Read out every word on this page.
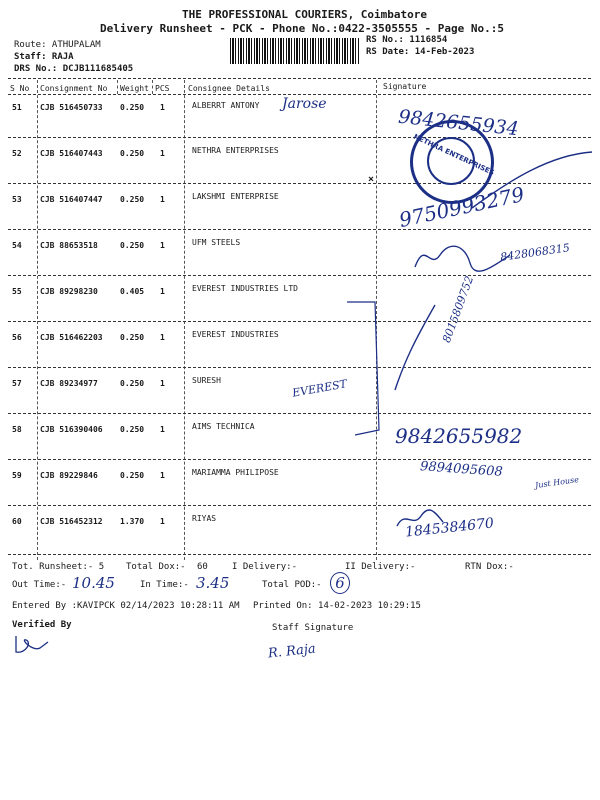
THE PROFESSIONAL COURIERS, Coimbatore
Delivery Runsheet - PCK - Phone No.:0422-3505555 - Page No.:5
Route: ATHUPALAM
Staff: RAJA
DRS No.: DCJB111685405
RS No.: 1116854
RS Date: 14-Feb-2023
S No Consignment No Weight PCS Consignee Details	Signature
51 CJB 516450733 0.250 1	ALBERRT ANTONY
52 CJB 516407443 0.250 1	NETHRA ENTERPRISES
53 CJB 516407447 0.250 1	LAKSHMI ENTERPRISE
54 CJB 88653518	0.250 1	UFM STEELS
55 CJB 89298230	0.405 1	EVEREST INDUSTRIES LTD
56 CJB 516462203 0.250 1	EVEREST INDUSTRIES
57 CJB 89234977	0.250 1	SURESH
58 CJB 516390406 0.250 1	AIMS TECHNICA
59 CJB 89229846	0.250 1	MARIAMMA PHILIPOSE
60 CJB 516452312 1.370 1	RIYAS
Jarose
9842655934
NETHRA ENTERPRISES
×
9750993279
8428068315
8015809752
EVEREST
9842655982
9894095608
Just House
1845384670
Tot. Runsheet:- 5 Total Dox:- 60	I Delivery:-	II Delivery:-	RTN Dox:-
Out Time:- 10.45	In Time:- 3.45	Total POD:- 6
Entered By :KAVIPCK 02/14/2023 10:28:11 AM Printed On: 14-02-2023 10:29:15
Verified By	Staff Signature
R. Raja
